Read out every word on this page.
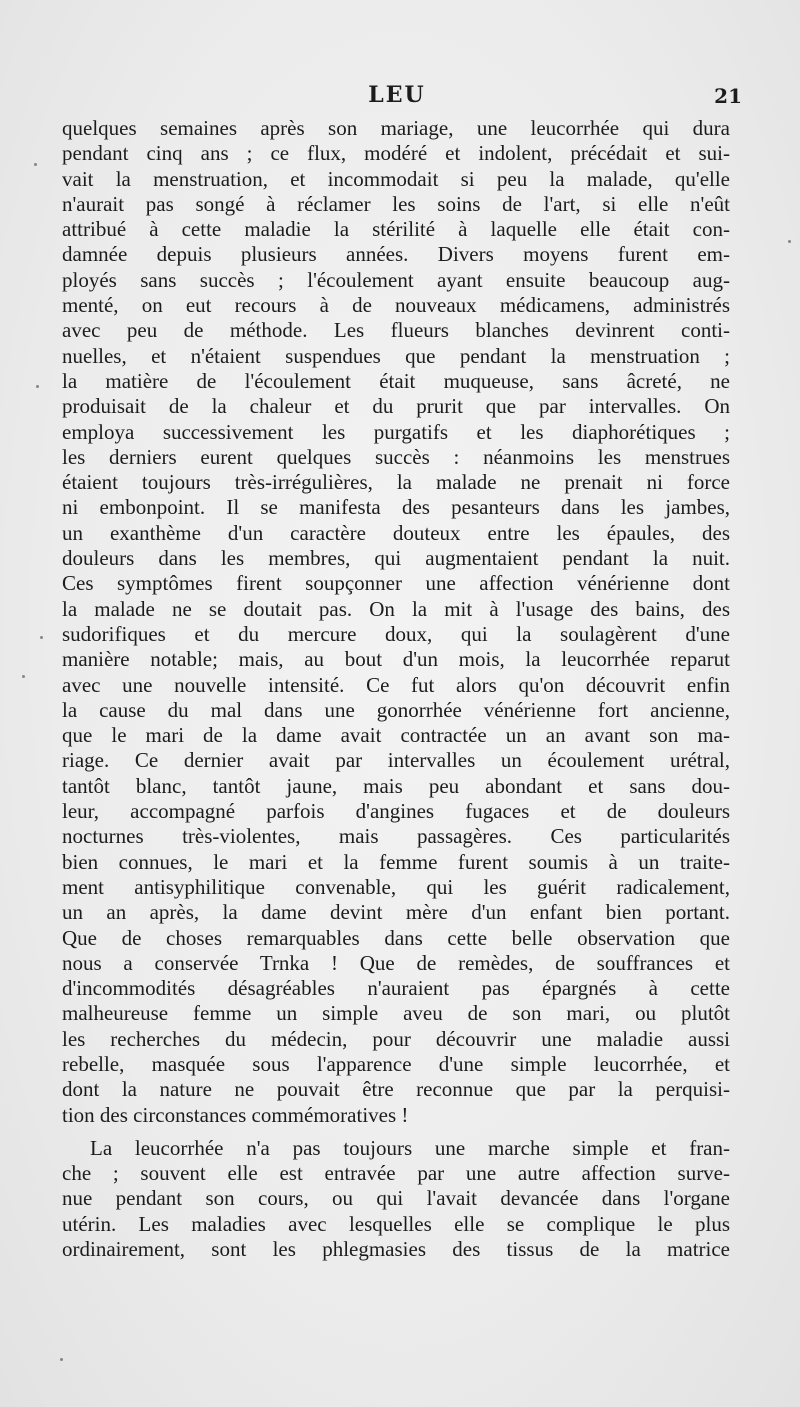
LEU	21
quelques semaines après son mariage, une leucorrhée qui dura
pendant cinq ans ; ce flux, modéré et indolent, précédait et sui-
vait la menstruation, et incommodait si peu la malade, qu'elle
n'aurait pas songé à réclamer les soins de l'art, si elle n'eût
attribué à cette maladie la stérilité à laquelle elle était con-
damnée depuis plusieurs années. Divers moyens furent em-
ployés sans succès ; l'écoulement ayant ensuite beaucoup aug-
menté, on eut recours à de nouveaux médicamens, administrés
avec peu de méthode. Les flueurs blanches devinrent conti-
nuelles, et n'étaient suspendues que pendant la menstruation ;
la matière de l'écoulement était muqueuse, sans âcreté, ne
produisait de la chaleur et du prurit que par intervalles. On
employa successivement les purgatifs et les diaphorétiques ;
les derniers eurent quelques succès : néanmoins les menstrues
étaient toujours très-irrégulières, la malade ne prenait ni force
ni embonpoint. Il se manifesta des pesanteurs dans les jambes,
un exanthème d'un caractère douteux entre les épaules, des
douleurs dans les membres, qui augmentaient pendant la nuit.
Ces symptômes firent soupçonner une affection vénérienne dont
la malade ne se doutait pas. On la mit à l'usage des bains, des
sudorifiques et du mercure doux, qui la soulagèrent d'une
manière notable; mais, au bout d'un mois, la leucorrhée reparut
avec une nouvelle intensité. Ce fut alors qu'on découvrit enfin
la cause du mal dans une gonorrhée vénérienne fort ancienne,
que le mari de la dame avait contractée un an avant son ma-
riage. Ce dernier avait par intervalles un écoulement urétral,
tantôt blanc, tantôt jaune, mais peu abondant et sans dou-
leur, accompagné parfois d'angines fugaces et de douleurs
nocturnes très-violentes, mais passagères. Ces particularités
bien connues, le mari et la femme furent soumis à un traite-
ment antisyphilitique convenable, qui les guérit radicalement,
un an après, la dame devint mère d'un enfant bien portant.
Que de choses remarquables dans cette belle observation que
nous a conservée Trnka ! Que de remèdes, de souffrances et
d'incommodités désagréables n'auraient pas épargnés à cette
malheureuse femme un simple aveu de son mari, ou plutôt
les recherches du médecin, pour découvrir une maladie aussi
rebelle, masquée sous l'apparence d'une simple leucorrhée, et
dont la nature ne pouvait être reconnue que par la perquisi-
tion des circonstances commémoratives !
La leucorrhée n'a pas toujours une marche simple et fran-
che ; souvent elle est entravée par une autre affection surve-
nue pendant son cours, ou qui l'avait devancée dans l'organe
utérin. Les maladies avec lesquelles elle se complique le plus
ordinairement, sont les phlegmasies des tissus de la matrice
